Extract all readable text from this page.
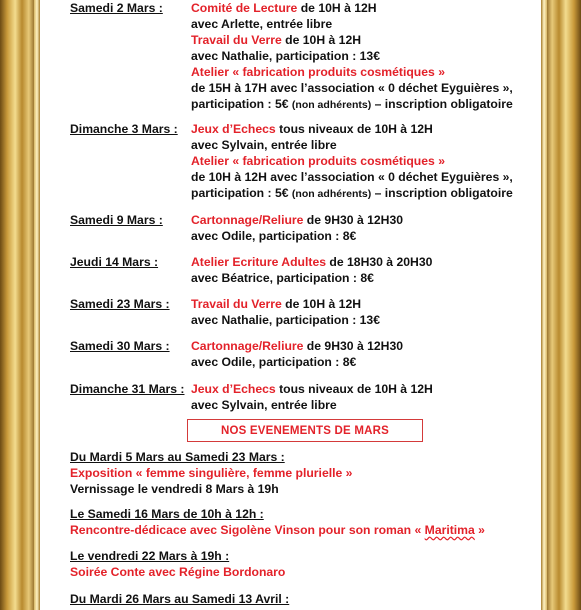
Samedi 2 Mars : Comité de Lecture de 10H à 12H
avec Arlette, entrée libre
Travail du Verre de 10H à 12H
avec Nathalie, participation : 13€
Atelier « fabrication produits cosmétiques »
de 15H à 17H avec l’association « 0 déchet Eyguières »,
participation : 5€ (non adhérents) – inscription obligatoire
Dimanche 3 Mars : Jeux d’Echecs tous niveaux de 10H à 12H
avec Sylvain, entrée libre
Atelier « fabrication produits cosmétiques »
de 10H à 12H avec l’association « 0 déchet Eyguières »,
participation : 5€ (non adhérents) – inscription obligatoire
Samedi 9 Mars : Cartonnage/Reliure de 9H30 à 12H30
avec Odile, participation : 8€
Jeudi 14 Mars :	Atelier Ecriture Adultes de 18H30 à 20H30
avec Béatrice, participation : 8€
Samedi 23 Mars : Travail du Verre de 10H à 12H
avec Nathalie, participation : 13€
Samedi 30 Mars : Cartonnage/Reliure de 9H30 à 12H30
avec Odile, participation : 8€
Dimanche 31 Mars : Jeux d’Echecs tous niveaux de 10H à 12H
avec Sylvain, entrée libre
NOS EVENEMENTS DE MARS
Du Mardi 5 Mars au Samedi 23 Mars :
Exposition « femme singulière, femme plurielle »
Vernissage le vendredi 8 Mars à 19h
Le Samedi 16 Mars de 10h à 12h :
Rencontre-dédicace avec Sigolène Vinson pour son roman « Maritima »
Le vendredi 22 Mars à 19h :
Soirée Conte avec Régine Bordonaro
Du Mardi 26 Mars au Samedi 13 Avril :
